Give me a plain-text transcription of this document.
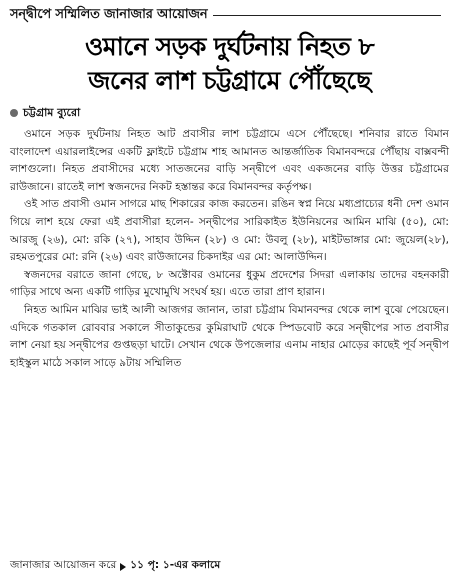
সন্দ্বীপে সম্মিলিত জানাজার আয়োজন
ওমানে সড়ক দুর্ঘটনায় নিহত ৮
জনের লাশ চট্টগ্রামে পৌঁছেছে
চট্টগ্রাম ব্যুরো

ওমানে সড়ক দুর্ঘটনায় নিহত আট প্রবাসীর লাশ চট্টগ্রামে এসে পৌঁছেছে। শনিবার রাতে বিমান বাংলাদেশ এয়ারলাইন্সের একটি ফ্লাইটে চট্টগ্রাম শাহ আমানত আন্তর্জাতিক বিমানবন্দরে পৌঁছায় বাক্সবন্দী লাশগুলো। নিহত প্রবাসীদের মধ্যে সাতজনের বাড়ি সন্দ্বীপে এবং একজনের বাড়ি উত্তর চট্টগ্রামের রাউজানে। রাতেই লাশ স্বজনদের নিকট হস্তান্তর করে বিমানবন্দর কর্তৃপক্ষ।

ওই সাত প্রবাসী ওমান সাগরে মাছ শিকারের কাজ করতেন। রঙিন স্বপ্ন নিয়ে মধ্যপ্রাচ্যের ধনী দেশ ওমান গিয়ে লাশ হয়ে ফেরা এই প্রবাসীরা হলেন- সন্দ্বীপের সারিকাইত ইউনিয়নের আমিন মাঝি (৫০), মো: আরজু (২৬), মো: রকি (২৭), সাহাব উদ্দিন (২৮) ও মো: উবলু (২৮), মাইটভাঙ্গার মো: জুয়েল(২৮), রহমতপুরের মো: রনি (২৬) এবং রাউজানের চিকদাইর এর মো: আলাউদ্দিন।

স্বজনদের বরাতে জানা গেছে, ৮ অক্টোবর ওমানের ধুকুম প্রদেশের সিদরা এলাকায় তাদের বহনকারী গাড়ির সাথে অন্য একটি গাড়ির মুখোমুখি সংঘর্ষ হয়। এতে তারা প্রাণ হারান।

নিহত আমিন মাঝির ভাই আলী আজগর জানান, তারা চট্টগ্রাম বিমানবন্দর থেকে লাশ বুঝে পেয়েছেন। এদিকে গতকাল রোববার সকালে সীতাকুন্ডের কুমিরাঘাট থেকে স্পিডবোট করে সন্দ্বীপের সাত প্রবাসীর লাশ নেয়া হয় সন্দ্বীপের গুপ্তছড়া ঘাটে। সেখান থেকে উপজেলার এনাম নাহার মোড়ের কাছেই পূর্ব সন্দ্বীপ হাইস্কুল মাঠে সকাল সাড়ে ৯টায় সম্মিলিত

জানাজার আয়োজন করে ১১ পৃ: ১-এর কলামে
